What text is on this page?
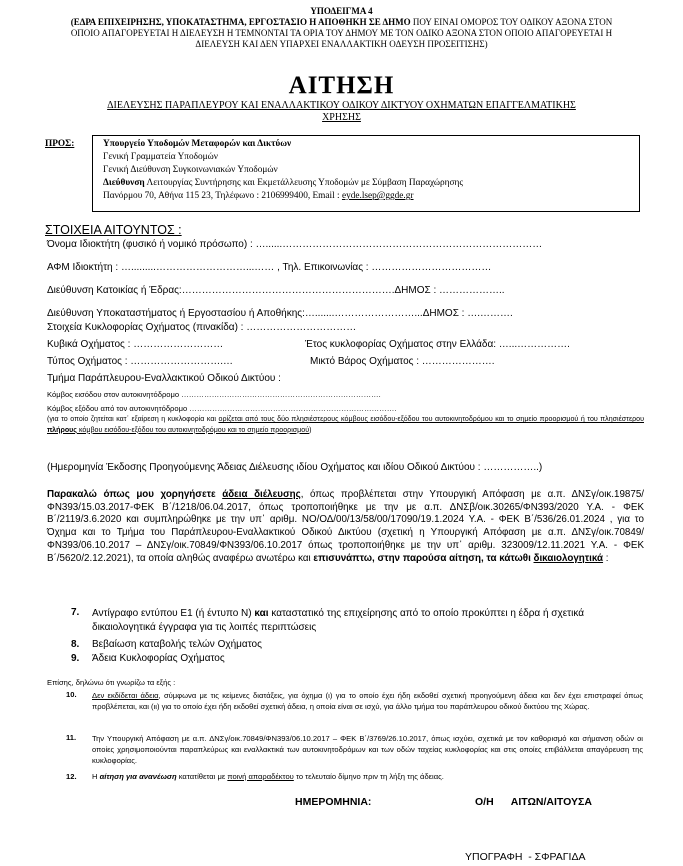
ΥΠΟΔΕΙΓΜΑ 4
(ΕΔΡΑ ΕΠΙΧΕΙΡΗΣΗΣ, ΥΠΟΚΑΤΑΣΤΗΜΑ, ΕΡΓΟΣΤΑΣΙΟ Η ΑΠΟΘΗΚΗ ΣΕ ΔΗΜΟ ΠΟΥ ΕΙΝΑΙ ΟΜΟΡΟΣ ΤΟΥ ΟΔΙΚΟΥ ΑΞΟΝΑ ΣΤΟΝ
ΟΠΟΙΟ ΑΠΑΓΟΡΕΥΕΤΑΙ Η ΔΙΕΛΕΥΣΗ Η ΤΕΜΝΟΝΤΑΙ ΤΑ ΟΡΙΑ ΤΟΥ ΔΗΜΟΥ ΜΕ ΤΟΝ ΟΔΙΚΟ ΑΞΟΝΑ ΣΤΟΝ ΟΠΟΙΟ ΑΠΑΓΟΡΕΥΕΤΑΙ Η
ΔΙΕΛΕΥΣΗ ΚΑΙ ΔΕΝ ΥΠΑΡΧΕΙ ΕΝΑΛΛΑΚΤΙΚΗ ΟΔΕΥΣΗ ΠΡΟΣΕΙΤΙΣΗΣ)
ΑΙΤΗΣΗ
ΔΙΕΛΕΥΣΗΣ ΠΑΡΑΠΛΕΥΡΟΥ ΚΑΙ ΕΝΑΛΛΑΚΤΙΚΟΥ ΟΔΙΚΟΥ ΔΙΚΤΥΟΥ ΟΧΗΜΑΤΩΝ ΕΠΑΓΓΕΛΜΑΤΙΚΗΣ
ΧΡΗΣΗΣ
ΠΡΟΣ:	Υπουργείο Υποδομών Μεταφορών και Δικτύων
Γενική Γραμματεία Υποδομών
Γενική Διεύθυνση Συγκοινωνιακών Υποδομών
Διεύθυνση Λειτουργίας Συντήρησης και Εκμετάλλευσης Υποδομών με Σύμβαση Παραχώρησης
Πανόρμου 70, Αθήνα 115 23, Τηλέφωνο : 2106999400, Email : eyde.lsep@ggde.gr
ΣΤΟΙΧΕΙΑ ΑΙΤΟΥΝΤΟΣ :
Όνομα Ιδιοκτήτη (φυσικό ή νομικό πρόσωπο) : …......……………………………………………………………………
ΑΦΜ Ιδιοκτήτη : ….........………………………...…… , Τηλ. Επικοινωνίας : ………………………………
Διεύθυνση Κατοικίας ή Έδρας:……………………………………………………….ΔΗΜΟΣ : ………………..
Διεύθυνση Υποκαταστήματος ή Εργοστασίου ή Αποθήκης:….......……………………...ΔΗΜΟΣ : ….……….
Στοιχεία Κυκλοφορίας Οχήματος (πινακίδα) : ……………………………
Κυβικά Οχήματος : ………………………	Έτος κυκλοφορίας Οχήματος στην Ελλάδα: …...…………….
Τύπος Οχήματος : ……………………….…	Μικτό Βάρος Οχήματος : ………………….
Τμήμα Παράπλευρου-Εναλλακτικού Οδικού Δικτύου :
Κόμβος εισόδου στον αυτοκινητόδρομο …………………………………………………………………….
Κόμβος εξόδου από τον αυτοκινητόδρομο ……………………………………………………………………….
(για το οποίο ζητείται κατ᾽ εξαίρεση η κυκλοφορία και ορίζεται από τους δύο πλησιέστερους κόμβους εισόδου-εξόδου του αυτοκινητοδρόμου και το σημείο προορισμού ή του πλησιέστερου πλήρους κόμβου εισόδου-εξόδου του αυτοκινητοδρόμου και το σημείο προορισμού)
(Ημερομηνία Έκδοσης Προηγούμενης Άδειας Διέλευσης ιδίου Οχήματος και ιδίου Οδικού Δικτύου : ……………..)
Παρακαλώ όπως μου χορηγήσετε άδεια διέλευσης, όπως προβλέπεται στην Υπουργική Απόφαση με α.π. ΔΝΣγ/οικ.19875/ΦΝ393/15.03.2017-ΦΕΚ Β΄/1218/06.04.2017, όπως τροποποιήθηκε με την με α.π. ΔΝΣβ/οικ.30265/ΦΝ393/2020 Υ.Α. - ΦΕΚ Β΄/2119/3.6.2020 και συμπληρώθηκε με την υπ᾽ αριθμ. ΝΟ/ΟΔ/00/13/58/00/17090/19.1.2024 Υ.Α. - ΦΕΚ Β΄/536/26.01.2024 , για το Όχημα και το Τμήμα του Παράπλευρου-Εναλλακτικού Οδικού Δικτύου (σχετική η Υπουργική Απόφαση με α.π. ΔΝΣγ/οικ.70849/ΦΝ393/06.10.2017 – ΔΝΣγ/οικ.70849/ΦΝ393/06.10.2017 όπως τροποποιήθηκε με την υπ᾽ αριθμ. 323009/12.11.2021 Υ.Α. - ΦΕΚ Β΄/5620/2.12.2021), τα οποία αληθώς αναφέρω ανωτέρω και επισυνάπτω, στην παρούσα αίτηση, τα κάτωθι δικαιολογητικά :
7. Αντίγραφο εντύπου Ε1 (ή έντυπο Ν) και καταστατικό της επιχείρησης από το οποίο προκύπτει η έδρα ή σχετικά δικαιολογητικά έγγραφα για τις λοιπές περιπτώσεις
8. Βεβαίωση καταβολής τελών Οχήματος
9. Άδεια Κυκλοφορίας Οχήματος
Επίσης, δηλώνω ότι γνωρίζω τα εξής :
10. Δεν εκδίδεται άδεια, σύμφωνα με τις κείμενες διατάξεις, για όχημα (ι) για το οποίο έχει ήδη εκδοθεί σχετική προηγούμενη άδεια και δεν έχει επιστραφεί όπως προβλέπεται, και (ιι) για το οποίο έχει ήδη εκδοθεί σχετική άδεια, η οποία είναι σε ισχύ, για άλλο τμήμα του παράπλευρου οδικού δικτύου της Χώρας.
11. Την Υπουργική Απόφαση με α.π. ΔΝΣγ/οικ.70849/ΦΝ393/06.10.2017 – ΦΕΚ Β΄/3769/26.10.2017, όπως ισχύει, σχετικά με τον καθορισμό και σήμανση οδών οι οποίες χρησιμοποιούνται παραπλεύρως και εναλλακτικά των αυτοκινητοδρόμων και των οδών ταχείας κυκλοφορίας και στις οποίες επιβάλλεται απαγόρευση της κυκλοφορίας.
12. Η αίτηση για ανανέωση κατατίθεται με ποινή απαραδέκτου το τελευταίο δίμηνο πριν τη λήξη της άδειας.
ΗΜΕΡΟΜΗΝΙΑ:	Ο/Η      ΑΙΤΩΝ/ΑΙΤΟΥΣΑ
ΥΠΟΓΡΑΦΗ  - ΣΦΡΑΓΙΔΑ
